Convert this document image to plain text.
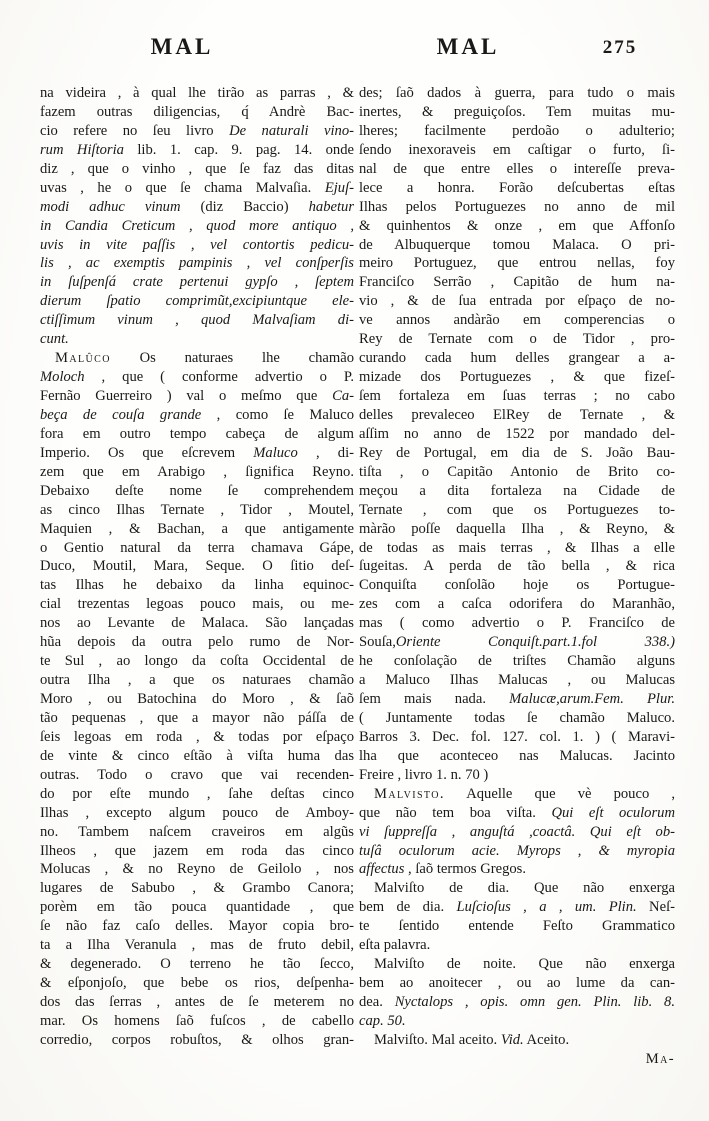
MAL	MAL	275
na videira , à qual lhe tirão as parras , &
fazem outras diligencias, q́ Andrè Bac-
cio refere no ſeu livro De naturali vino-
rum Hiſtoria lib. 1. cap. 9. pag. 14. onde
diz , que o vinho , que ſe faz das ditas
uvas , he o que ſe chama Malvaſia. Ejuſ-
modi adhuc vinum (diz Baccio) habetur
in Candia Creticum , quod more antiquo ,
uvis in vite paſſis , vel contortis pedicu-
lis , ac exemptis pampinis , vel conſperſis
in ſuſpenſá crate pertenui gypſo , ſeptem
dierum ſpatio comprimũt,excipiuntque ele-
ctiſſimum vinum , quod Malvaſiam di-
cunt.
Malûco Os naturaes lhe chamão
Moloch , que ( conforme advertio o P.
Fernão Guerreiro ) val o meſmo que Ca-
beça de couſa grande , como ſe Maluco
fora em outro tempo cabeça de algum
Imperio. Os que eſcrevem Maluco , di-
zem que em Arabigo , ſignifica Reyno.
Debaixo deſte nome ſe comprehendem
as cinco Ilhas Ternate , Tidor , Moutel,
Maquien , & Bachan, a que antigamente
o Gentio natural da terra chamava Gápe,
Duco, Moutil, Mara, Seque. O ſitio deſ-
tas Ilhas he debaixo da linha equinoc-
cial trezentas legoas pouco mais, ou me-
nos ao Levante de Malaca. São lançadas
hũa depois da outra pelo rumo de Nor-
te Sul , ao longo da coſta Occidental de
outra Ilha , a que os naturaes chamão
Moro , ou Batochina do Moro , & ſaõ
tão pequenas , que a mayor não páſſa de
ſeis legoas em roda , & todas por eſpaço
de vinte & cinco eſtão à viſta huma das
outras. Todo o cravo que vai recenden-
do por eſte mundo , ſahe deſtas cinco
Ilhas , excepto algum pouco de Amboy-
no. Tambem naſcem craveiros em algũs
Ilheos , que jazem em roda das cinco
Molucas , & no Reyno de Geilolo , nos
lugares de Sabubo , & Grambo Canora;
porèm em tão pouca quantidade , que
ſe não faz caſo delles. Mayor copia bro-
ta a Ilha Veranula , mas de fruto debil,
& degenerado. O terreno he tão ſecco,
& eſponjoſo, que bebe os rios, deſpenha-
dos das ſerras , antes de ſe meterem no
mar. Os homens ſaõ fuſcos , de cabello
corredio, corpos robuſtos, & olhos gran-
des; ſaõ dados à guerra, para tudo o mais
inertes, & preguiçoſos. Tem muitas mu-
lheres; facilmente perdoão o adulterio;
ſendo inexoraveis em caſtigar o furto, ſi-
nal de que entre elles o intereſſe preva-
lece a honra. Forão deſcubertas eſtas
Ilhas pelos Portuguezes no anno de mil
& quinhentos & onze , em que Affonſo
de Albuquerque tomou Malaca. O pri-
meiro Portuguez, que entrou nellas, foy
Franciſco Serrão , Capitão de hum na-
vio , & de ſua entrada por eſpaço de no-
ve annos andàrão em comperencias o
Rey de Ternate com o de Tidor , pro-
curando cada hum delles grangear a a-
mizade dos Portuguezes , & que fizeſ-
ſem fortaleza em ſuas terras ; no cabo
delles prevaleceo ElRey de Ternate , &
aſſim no anno de 1522 por mandado del-
Rey de Portugal, em dia de S. João Bau-
tiſta , o Capitão Antonio de Brito co-
meçou a dita fortaleza na Cidade de
Ternate , com que os Portuguezes to-
màrão poſſe daquella Ilha , & Reyno, &
de todas as mais terras , & Ilhas a elle
ſugeitas. A perda de tão bella , & rica
Conquiſta conſolão hoje os Portugue-
zes com a caſca odorifera do Maranhão,
mas ( como advertio o P. Franciſco de
Souſa,Oriente Conquiſt.part.1.fol 338.)
he conſolação de triſtes Chamão alguns
a Maluco Ilhas Malucas , ou Malucas
ſem mais nada. Malucæ,arum.Fem. Plur.
( Juntamente todas ſe chamão Maluco.
Barros 3. Dec. fol. 127. col. 1. ) ( Maravi-
lha que aconteceo nas Malucas. Jacinto
Freire , livro 1. n. 70 )
Malvisto. Aquelle que vè pouco ,
que não tem boa viſta. Qui eſt oculorum
vi ſuppreſſa , anguſtá ,coactâ. Qui eſt ob-
tuſâ oculorum acie. Myrops , & myropia
affectus , ſaõ termos Gregos.
Malviſto de dia. Que não enxerga
bem de dia. Luſcioſus , a , um. Plin. Neſ-
te ſentido entende Feſto Grammatico
eſta palavra.
Malviſto de noite. Que não enxerga
bem ao anoitecer , ou ao lume da can-
dea. Nyctalops , opis. omn gen. Plin. lib. 8.
cap. 50.
Malviſto. Mal aceito. Vid. Aceito.
Ma-
